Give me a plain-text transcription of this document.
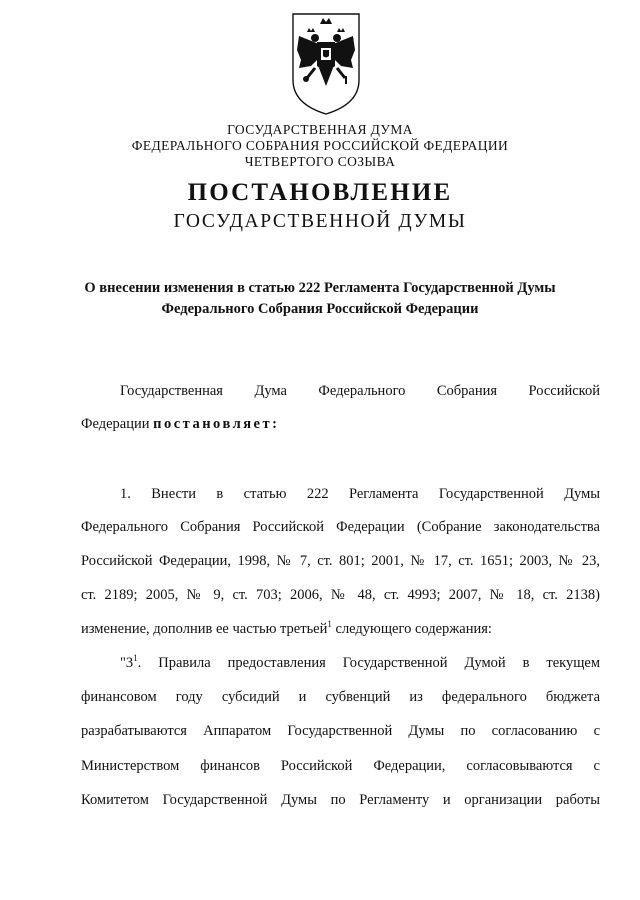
ГОСУДАРСТВЕННАЯ ДУМА
ФЕДЕРАЛЬНОГО СОБРАНИЯ РОССИЙСКОЙ ФЕДЕРАЦИИ
ЧЕТВЕРТОГО СОЗЫВА
ПОСТАНОВЛЕНИЕ
ГОСУДАРСТВЕННОЙ ДУМЫ
О внесении изменения в статью 222 Регламента Государственной Думы
Федерального Собрания Российской Федерации
Государственная Дума Федерального Собрания Российской
Федерации постановляет:
1. Внести в статью 222 Регламента Государственной Думы
Федерального Собрания Российской Федерации (Собрание законодательства
Российской Федерации, 1998, № 7, ст. 801; 2001, № 17, ст. 1651; 2003, № 23,
ст. 2189; 2005, № 9, ст. 703; 2006, № 48, ст. 4993; 2007, № 18, ст. 2138)
изменение, дополнив ее частью третьей$^1$ следующего содержания:
"$3^1$. Правила предоставления Государственной Думой в текущем
финансовом году субсидий и субвенций из федерального бюджета
разрабатываются Аппаратом Государственной Думы по согласованию с
Министерством финансов Российской Федерации, согласовываются с
Комитетом Государственной Думы по Регламенту и организации работы
